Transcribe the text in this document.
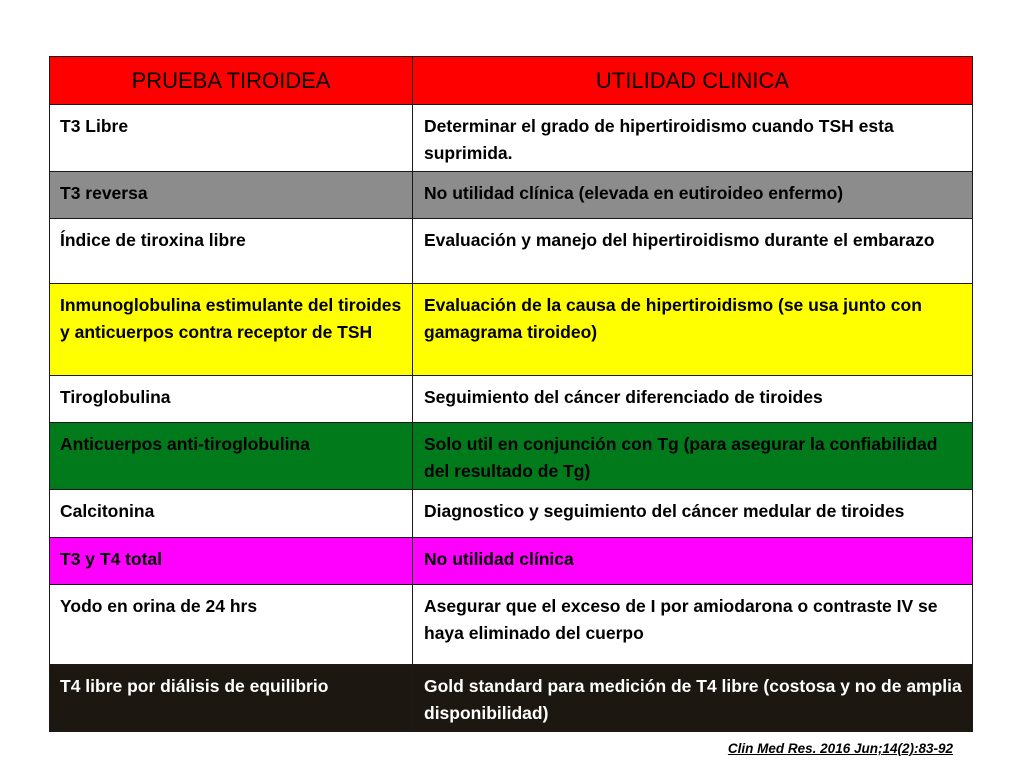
PRUEBA TIROIDEA	UTILIDAD CLINICA
T3 Libre	Determinar el grado de hipertiroidismo cuando TSH esta suprimida.
T3 reversa	No utilidad clínica (elevada en eutiroideo enfermo)
Índice de tiroxina libre	Evaluación y manejo del hipertiroidismo durante el embarazo
Inmunoglobulina estimulante del tiroides y anticuerpos contra receptor de TSH	Evaluación de la causa de hipertiroidismo (se usa junto con gamagrama tiroideo)
Tiroglobulina	Seguimiento del cáncer diferenciado de tiroides
Anticuerpos anti-tiroglobulina	Solo util en conjunción con Tg (para asegurar la confiabilidad del resultado de Tg)
Calcitonina	Diagnostico y seguimiento del cáncer medular de tiroides
T3 y T4 total	No utilidad clínica
Yodo en orina de 24 hrs	Asegurar que el exceso de I por amiodarona o contraste IV se haya eliminado del cuerpo
T4 libre por diálisis de equilibrio	Gold standard para medición de T4 libre (costosa y no de amplia disponibilidad)
Clin Med Res. 2016 Jun;14(2):83-92
